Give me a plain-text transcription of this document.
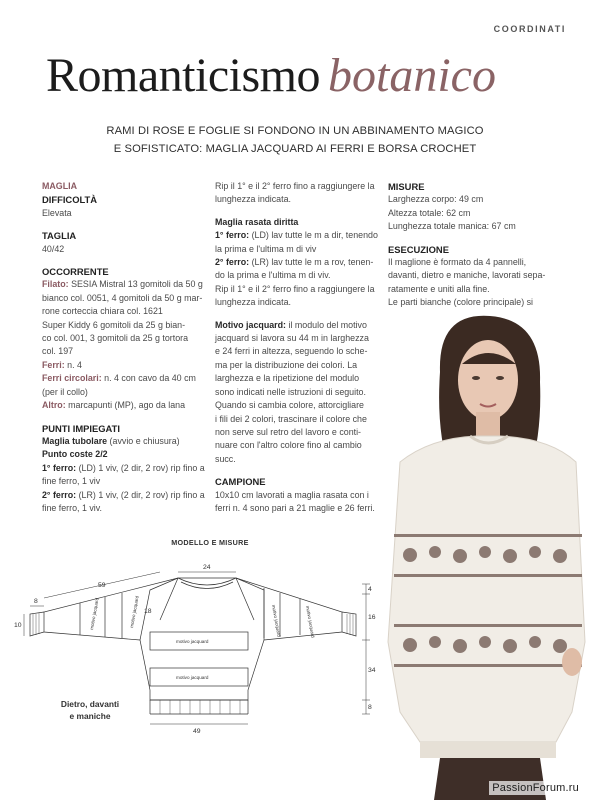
COORDINATI
Romanticismo botanico
RAMI DI ROSE E FOGLIE SI FONDONO IN UN ABBINAMENTO MAGICO
E SOFISTICATO: MAGLIA JACQUARD AI FERRI E BORSA CROCHET

MAGLIA

DIFFICOLTÀ

Elevata

TAGLIA

40/42

OCCORRENTE

Filato: SESIA Mistral 13 gomitoli da 50 g

bianco col. 0051, 4 gomitoli da 50 g mar-

rone corteccia chiara col. 1621

Super Kiddy 6 gomitoli da 25 g bian-

co col. 001, 3 gomitoli da 25 g tortora

col. 197

Ferri: n. 4

Ferri circolari: n. 4 con cavo da 40 cm

(per il collo)

Altro: marcapunti (MP), ago da lana

PUNTI IMPIEGATI

Maglia tubolare (avvio e chiusura)

Punto coste 2/2

1° ferro: (LD) 1 viv, (2 dir, 2 rov) rip fino a

fine ferro, 1 viv

2° ferro: (LR) 1 viv, (2 dir, 2 rov) rip fino a

fine ferro, 1 viv.

Rip il 1° e il 2° ferro fino a raggiungere la

lunghezza indicata.

Maglia rasata diritta

1° ferro: (LD) lav tutte le m a dir, tenendo

la prima e l'ultima m di viv

2° ferro: (LR) lav tutte le m a rov, tenen-

do la prima e l'ultima m di viv.

Rip il 1° e il 2° ferro fino a raggiungere la

lunghezza indicata.

Motivo jacquard: il modulo del motivo

jacquard si lavora su 44 m in larghezza

e 24 ferri in altezza, seguendo lo sche-

ma per la distribuzione dei colori. La

larghezza e la ripetizione del modulo

sono indicati nelle istruzioni di seguito.

Quando si cambia colore, attorcigliare

i fili dei 2 colori, trascinare il colore che

non serve sul retro del lavoro e conti-

nuare con l'altro colore fino al cambio

succ.

CAMPIONE

10x10 cm lavorati a maglia rasata con i

ferri n. 4 sono pari a 21 maglie e 26 ferri.

MISURE

Larghezza corpo: 49 cm

Altezza totale: 62 cm

Lunghezza totale manica: 67 cm

ESECUZIONE

Il maglione è formato da 4 pannelli,

davanti, dietro e maniche, lavorati sepa-

ratamente e uniti alla fine.

Le parti bianche (colore principale) si

MODELLO E MISURE
24
59
8
18
10
4
16
34
8
49
motivo jacquard
motivo jacquard
motivo jacquard	motivo jacquard	motivo jacquard	motivo jacquard
Dietro, davanti
e maniche
PassionForum.ru
